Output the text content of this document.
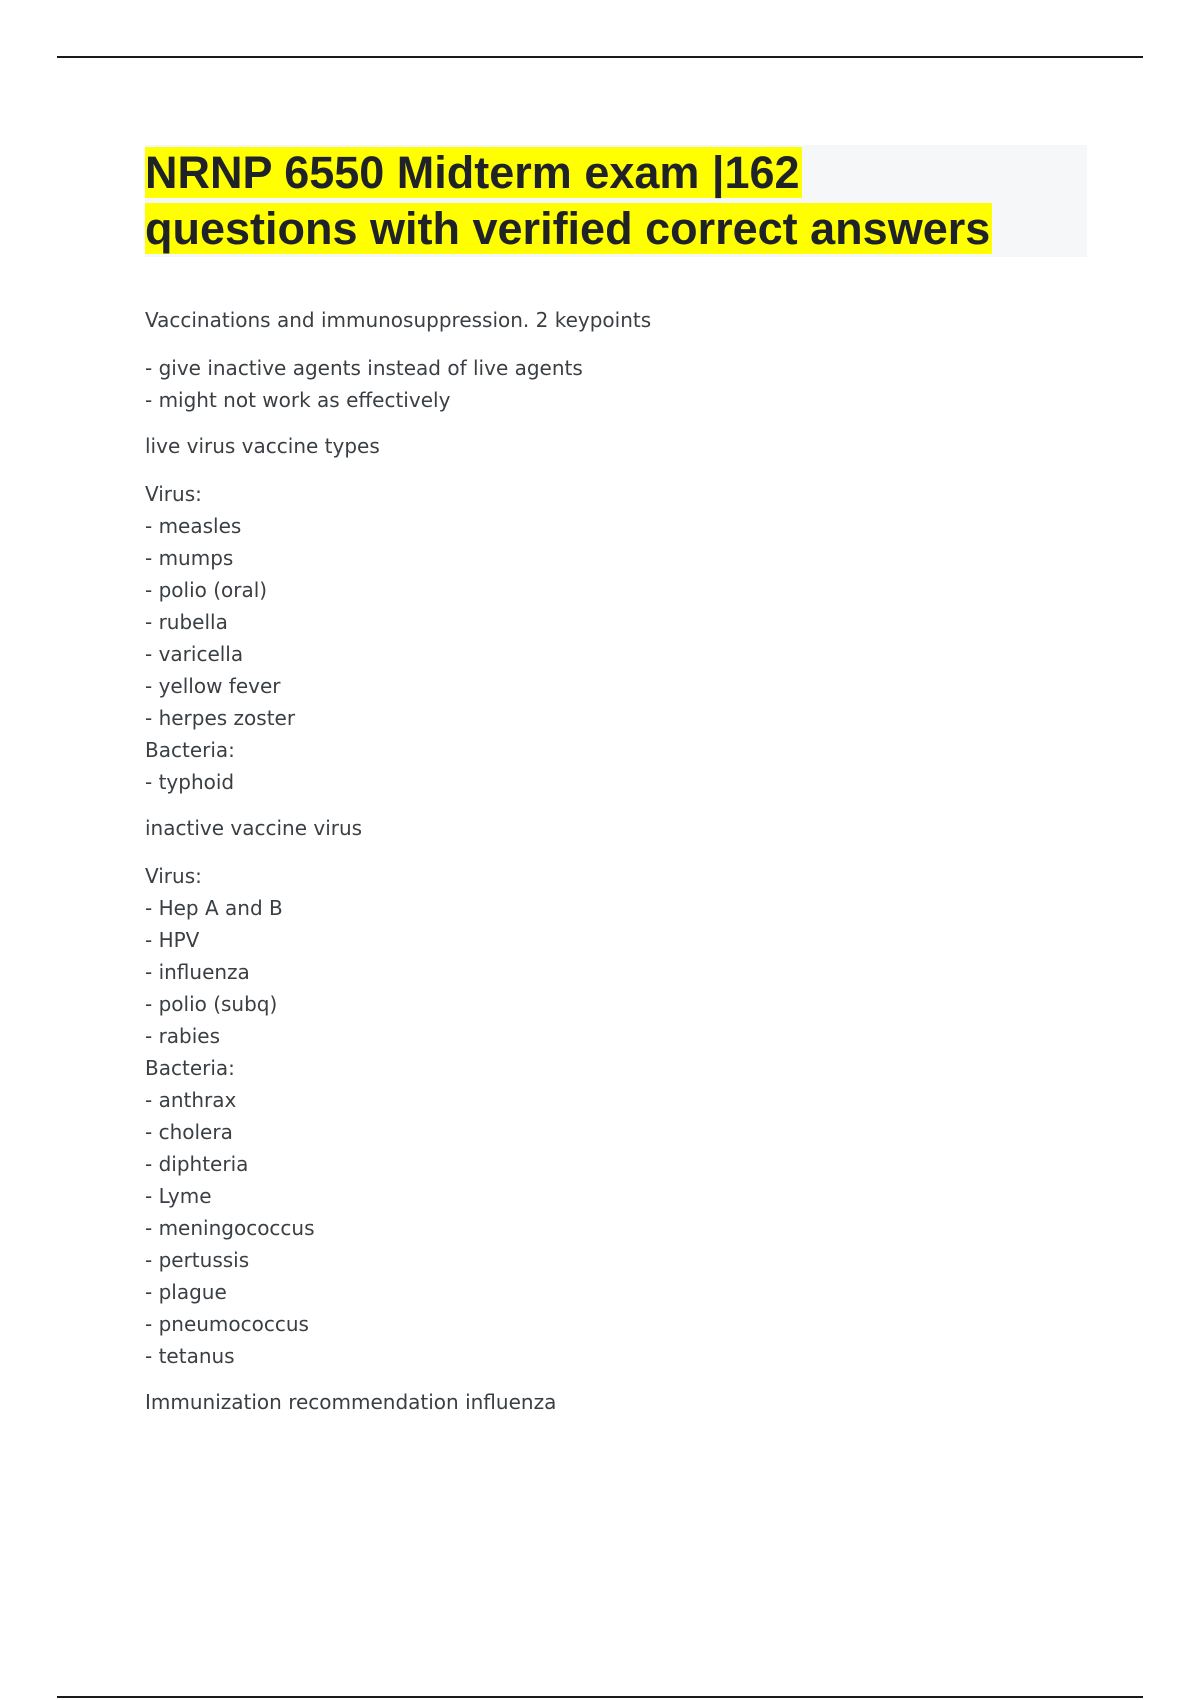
NRNP 6550 Midterm exam |162
questions with verified correct answers
Vaccinations and immunosuppression. 2 keypoints
- give inactive agents instead of live agents
- might not work as effectively
live virus vaccine types
Virus:
- measles
- mumps
- polio (oral)
- rubella
- varicella
- yellow fever
- herpes zoster
Bacteria:
- typhoid
inactive vaccine virus
Virus:
- Hep A and B
- HPV
- influenza
- polio (subq)
- rabies
Bacteria:
- anthrax
- cholera
- diphteria
- Lyme
- meningococcus
- pertussis
- plague
- pneumococcus
- tetanus
Immunization recommendation influenza
